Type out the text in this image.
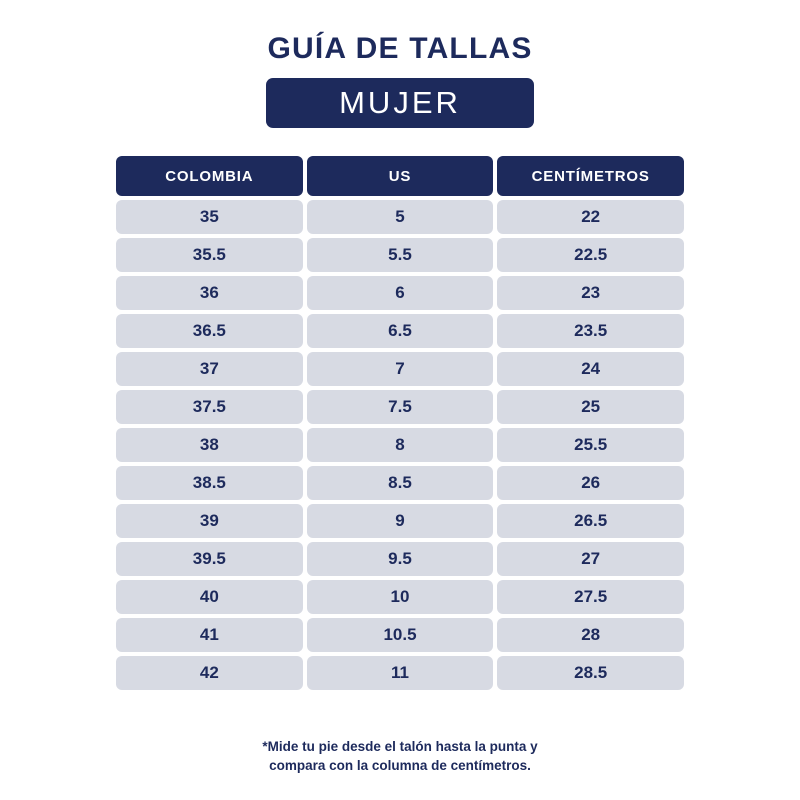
GUÍA DE TALLAS
MUJER
COLOMBIA	US	CENTÍMETROS
35	5	22
35.5	5.5	22.5
36	6	23
36.5	6.5	23.5
37	7	24
37.5	7.5	25
38	8	25.5
38.5	8.5	26
39	9	26.5
39.5	9.5	27
40	10	27.5
41	10.5	28
42	11	28.5
*Mide tu pie desde el talón hasta la punta y
compara con la columna de centímetros.
